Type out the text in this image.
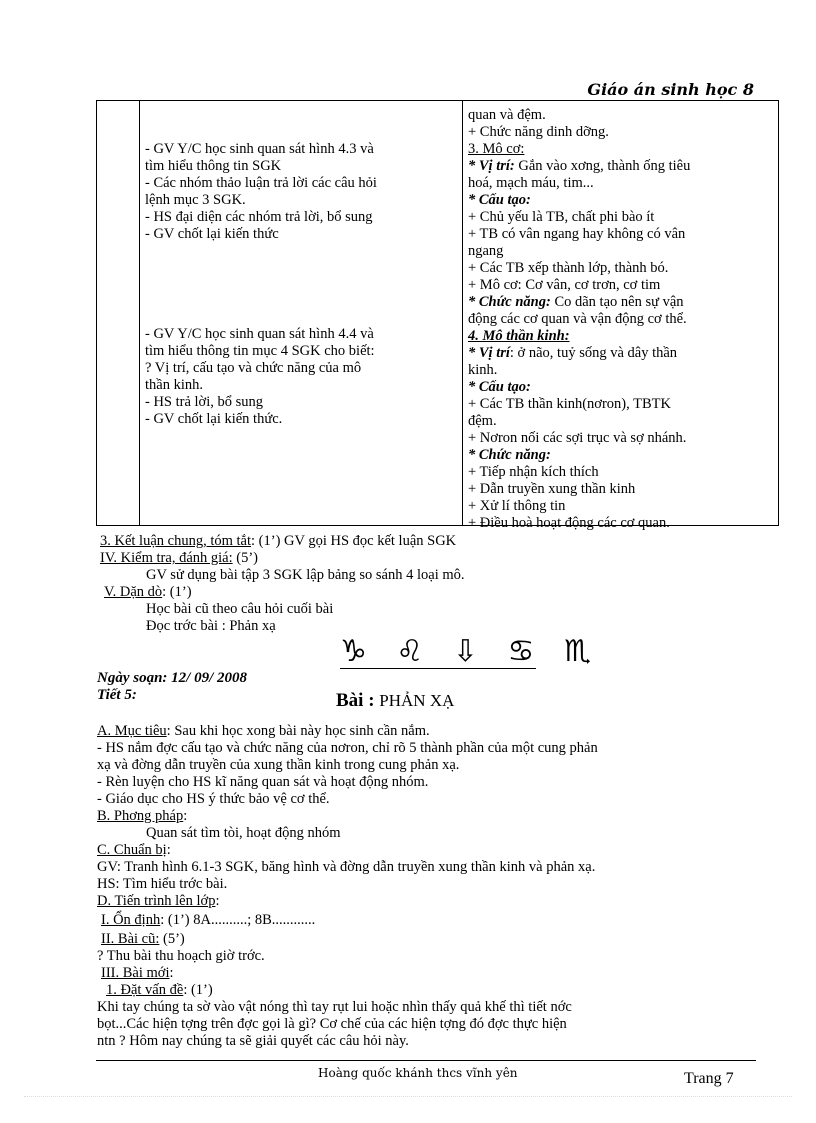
Giáo án sinh học 8
- GV Y/C học sinh quan sát hình 4.3 và
tìm hiểu thông tin SGK
- Các nhóm thảo luận trả lời các câu hỏi
lệnh mục 3 SGK.
- HS đại diện các nhóm trả lời, bổ sung
- GV chốt lại kiến thức
- GV Y/C học sinh quan sát hình 4.4 và
tìm hiểu thông tin mục 4 SGK cho biết:
? Vị trí, cấu tạo và chức năng của mô
thần kinh.
- HS trả lời, bổ sung
- GV chốt lại kiến thức.
quan và đệm.
+ Chức năng dinh dỡng.
3. Mô cơ:
* Vị trí: Gắn vào xơng, thành ống tiêu
hoá, mạch máu, tim...
* Cấu tạo:
+ Chủ yếu là TB, chất phi bào ít
+ TB có vân ngang hay không có vân
ngang
+ Các TB xếp thành lớp, thành bó.
+ Mô cơ: Cơ vân, cơ trơn, cơ tim
* Chức năng: Co dãn tạo nên sự vận
động các cơ quan và vận động cơ thể.
4. Mô thần kinh:
* Vị trí: ở não, tuỷ sống và dây thần
kinh.
* Cấu tạo:
+ Các TB thần kinh(nơron), TBTK
đệm.
+ Nơron nối các sợi trục và sợ nhánh.
* Chức năng:
+ Tiếp nhận kích thích
+ Dẫn truyền xung thần kinh
+ Xử lí thông tin
+ Điều hoà hoạt động các cơ quan.
3. Kết luận chung, tóm tắt: (1’) GV gọi HS đọc kết luận SGK
IV. Kiểm tra, đánh giá: (5’)
GV sử dụng bài tập 3 SGK lập bảng so sánh 4 loại mô.
V. Dặn dò: (1’)
Học bài cũ theo câu hỏi cuối bài
Đọc trớc bài : Phản xạ
♑ ♌ ⇩ ♋ ♏
Ngày soạn: 12/ 09/ 2008
Tiết 5:	Bài : PHẢN XẠ
A. Mục tiêu: Sau khi học xong bài này học sinh cần nắm.
- HS nắm đợc cấu tạo và chức năng của nơron, chỉ rõ 5 thành phần của một cung phản
xạ và đờng dẫn truyền của xung thần kinh trong cung phản xạ.
- Rèn luyện cho HS kĩ năng quan sát và hoạt động nhóm.
- Giáo dục cho HS ý thức bảo vệ cơ thể.
B. Phơng pháp:
Quan sát tìm tòi, hoạt động nhóm
C. Chuẩn bị:
GV: Tranh hình 6.1-3 SGK, băng hình và đờng dẫn truyền xung thần kinh và phản xạ.
HS: Tìm hiểu trớc bài.
D. Tiến trình lên lớp:
I. Ổn định: (1’) 8A..........; 8B............
II. Bài cũ: (5’)
? Thu bài thu hoạch giờ trớc.
III. Bài mới:
1. Đặt vấn đề: (1’)
Khi tay chúng ta sờ vào vật nóng thì tay rụt lui hoặc nhìn thấy quả khế thì tiết nớc
bọt...Các hiện tợng trên đợc gọi là gì? Cơ chế của các hiện tợng đó đợc thực hiện
ntn ? Hôm nay chúng ta sẽ giải quyết các câu hỏi này.
Hoàng quốc khánh thcs vĩnh yên	Trang 7
